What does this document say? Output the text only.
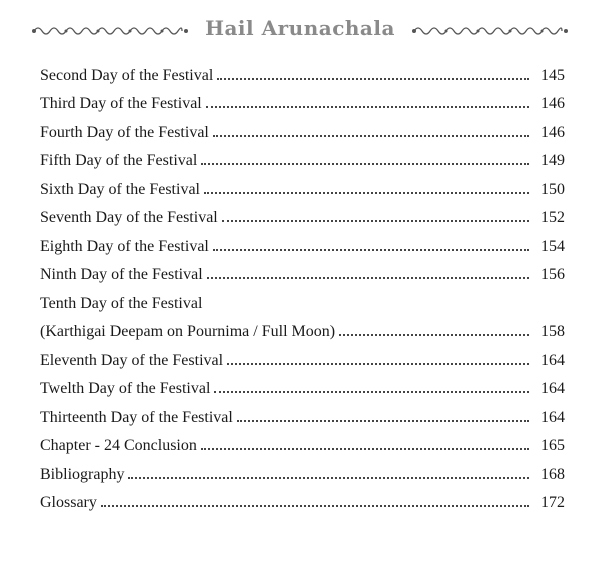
Hail Arunachala
Second Day of the Festival	145
Third Day of the Festival	146
Fourth Day of the Festival	146
Fifth Day of the Festival	149
Sixth Day of the Festival	150
Seventh Day of the Festival	152
Eighth Day of the Festival	154
Ninth Day of the Festival	156
Tenth Day of the Festival
(Karthigai Deepam on Pournima / Full Moon)	158
Eleventh Day of the Festival	164
Twelth Day of the Festival	164
Thirteenth Day of the Festival	164
Chapter - 24 Conclusion	165
Bibliography	168
Glossary	172
